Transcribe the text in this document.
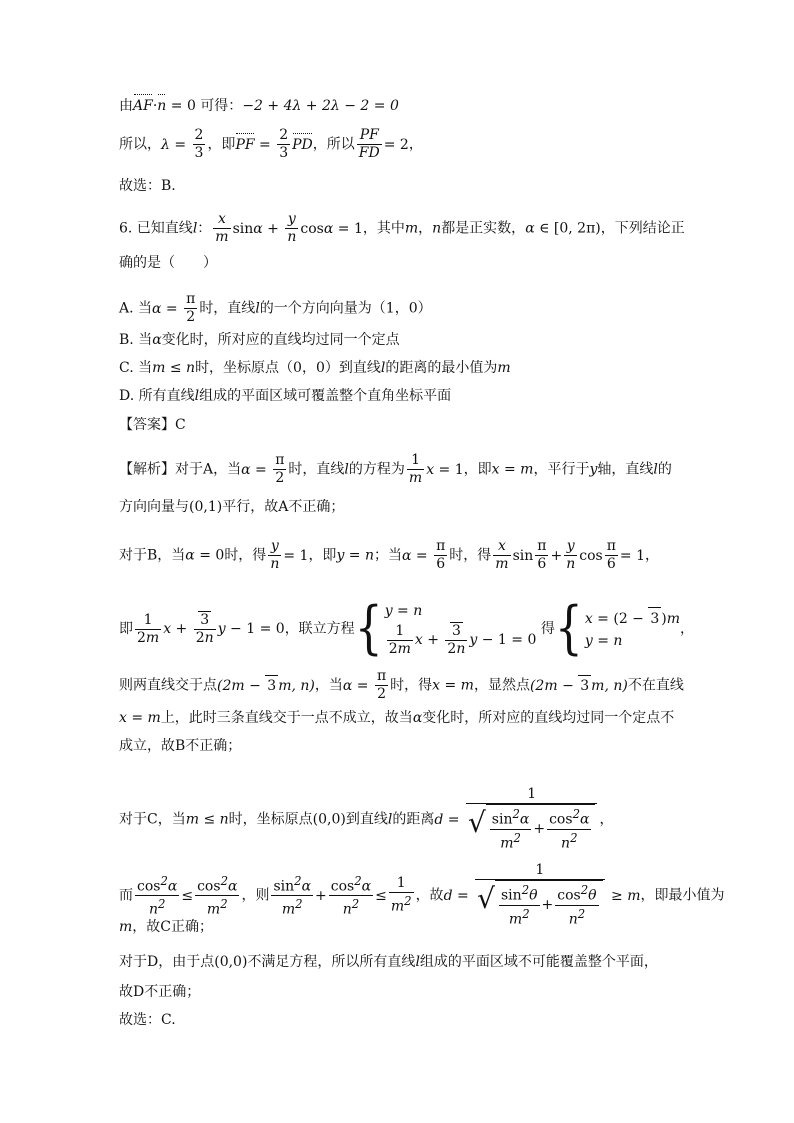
由AF·n = 0 可得：−2 + 4λ + 2λ − 2 = 0
所以，$\lambda = \frac{2}{3}$ ，即PF = $\frac{2}{3}$ PD，所以 $\frac{PF}{FD} = 2$，
故选：B.
6. 已知直线l： $\frac{x}{m}$ $\sin\alpha + \frac{y}{n}$ cosα = 1，其中m，n都是正实数，α ∈ [0, 2π)，下列结论正
确的是（　　）
A. 当$\alpha = \frac{\pi}{2}$ 时，直线l的一个方向向量为（1，0）
B. 当α变化时，所对应的直线均过同一个定点
C. 当m ≤ n时，坐标原点（0，0）到直线l的距离的最小值为m
D. 所有直线l组成的平面区域可覆盖整个直角坐标平面
【答案】C
【解析】对于A，当$\alpha = \frac{\pi}{2}$ 时，直线l的方程为 $\frac{1}{m}$ x = 1，即x = m，平行于y轴，直线l的
方向向量与(0,1)平行，故A不正确；
对于B，当α = 0时，得 $\frac{y}{n} = 1$，即y = n；当$\alpha = \frac{\pi}{6}$ 时，得 $\frac{x}{m}$ $\sin \frac{\pi}{6} + \frac{y}{n}$ $\cos \frac{\pi}{6} = 1$，
即 $\frac{1}{2m}$ $x + \frac{3}{2n}$ y − 1 = 0，联立方程{ y = n
$\frac{1}{2m}$ $x + \frac{3}{2n}$ y − 1 = 0
得{ x = (2 − 3 )m
y = n
，
则两直线交于点(2m − 3 m, n)，当$\alpha = \frac{\pi}{2}$ 时，得x = m，显然点(2m − 3 m, n)不在直线
x = m上，此时三条直线交于一点不成立，故当α变化时，所对应的直线均过同一个定点不
成立，故B不正确；
对于C，当m ≤ n时，坐标原点(0,0)到直线l的距离$d = \frac{1}{√ \frac{\sin^2\alpha}{m^2} + \frac{\cos^2\alpha}{n^2}}$ ，
而 $\frac{\cos^2\alpha}{n^2} \le \frac{\cos^2\alpha}{m^2}$ ，则 $\frac{\sin^2\alpha}{m^2} + \frac{\cos^2\alpha}{n^2} \le \frac{1}{m^2}$ ，故$d = \frac{1}{√ \frac{\sin^2\theta}{m^2} + \frac{\cos^2\theta}{n^2}} \ge m$，即最小值为
m，故C正确；
对于D，由于点(0,0)不满足方程，所以所有直线l组成的平面区域不可能覆盖整个平面，
故D不正确；
故选：C.
